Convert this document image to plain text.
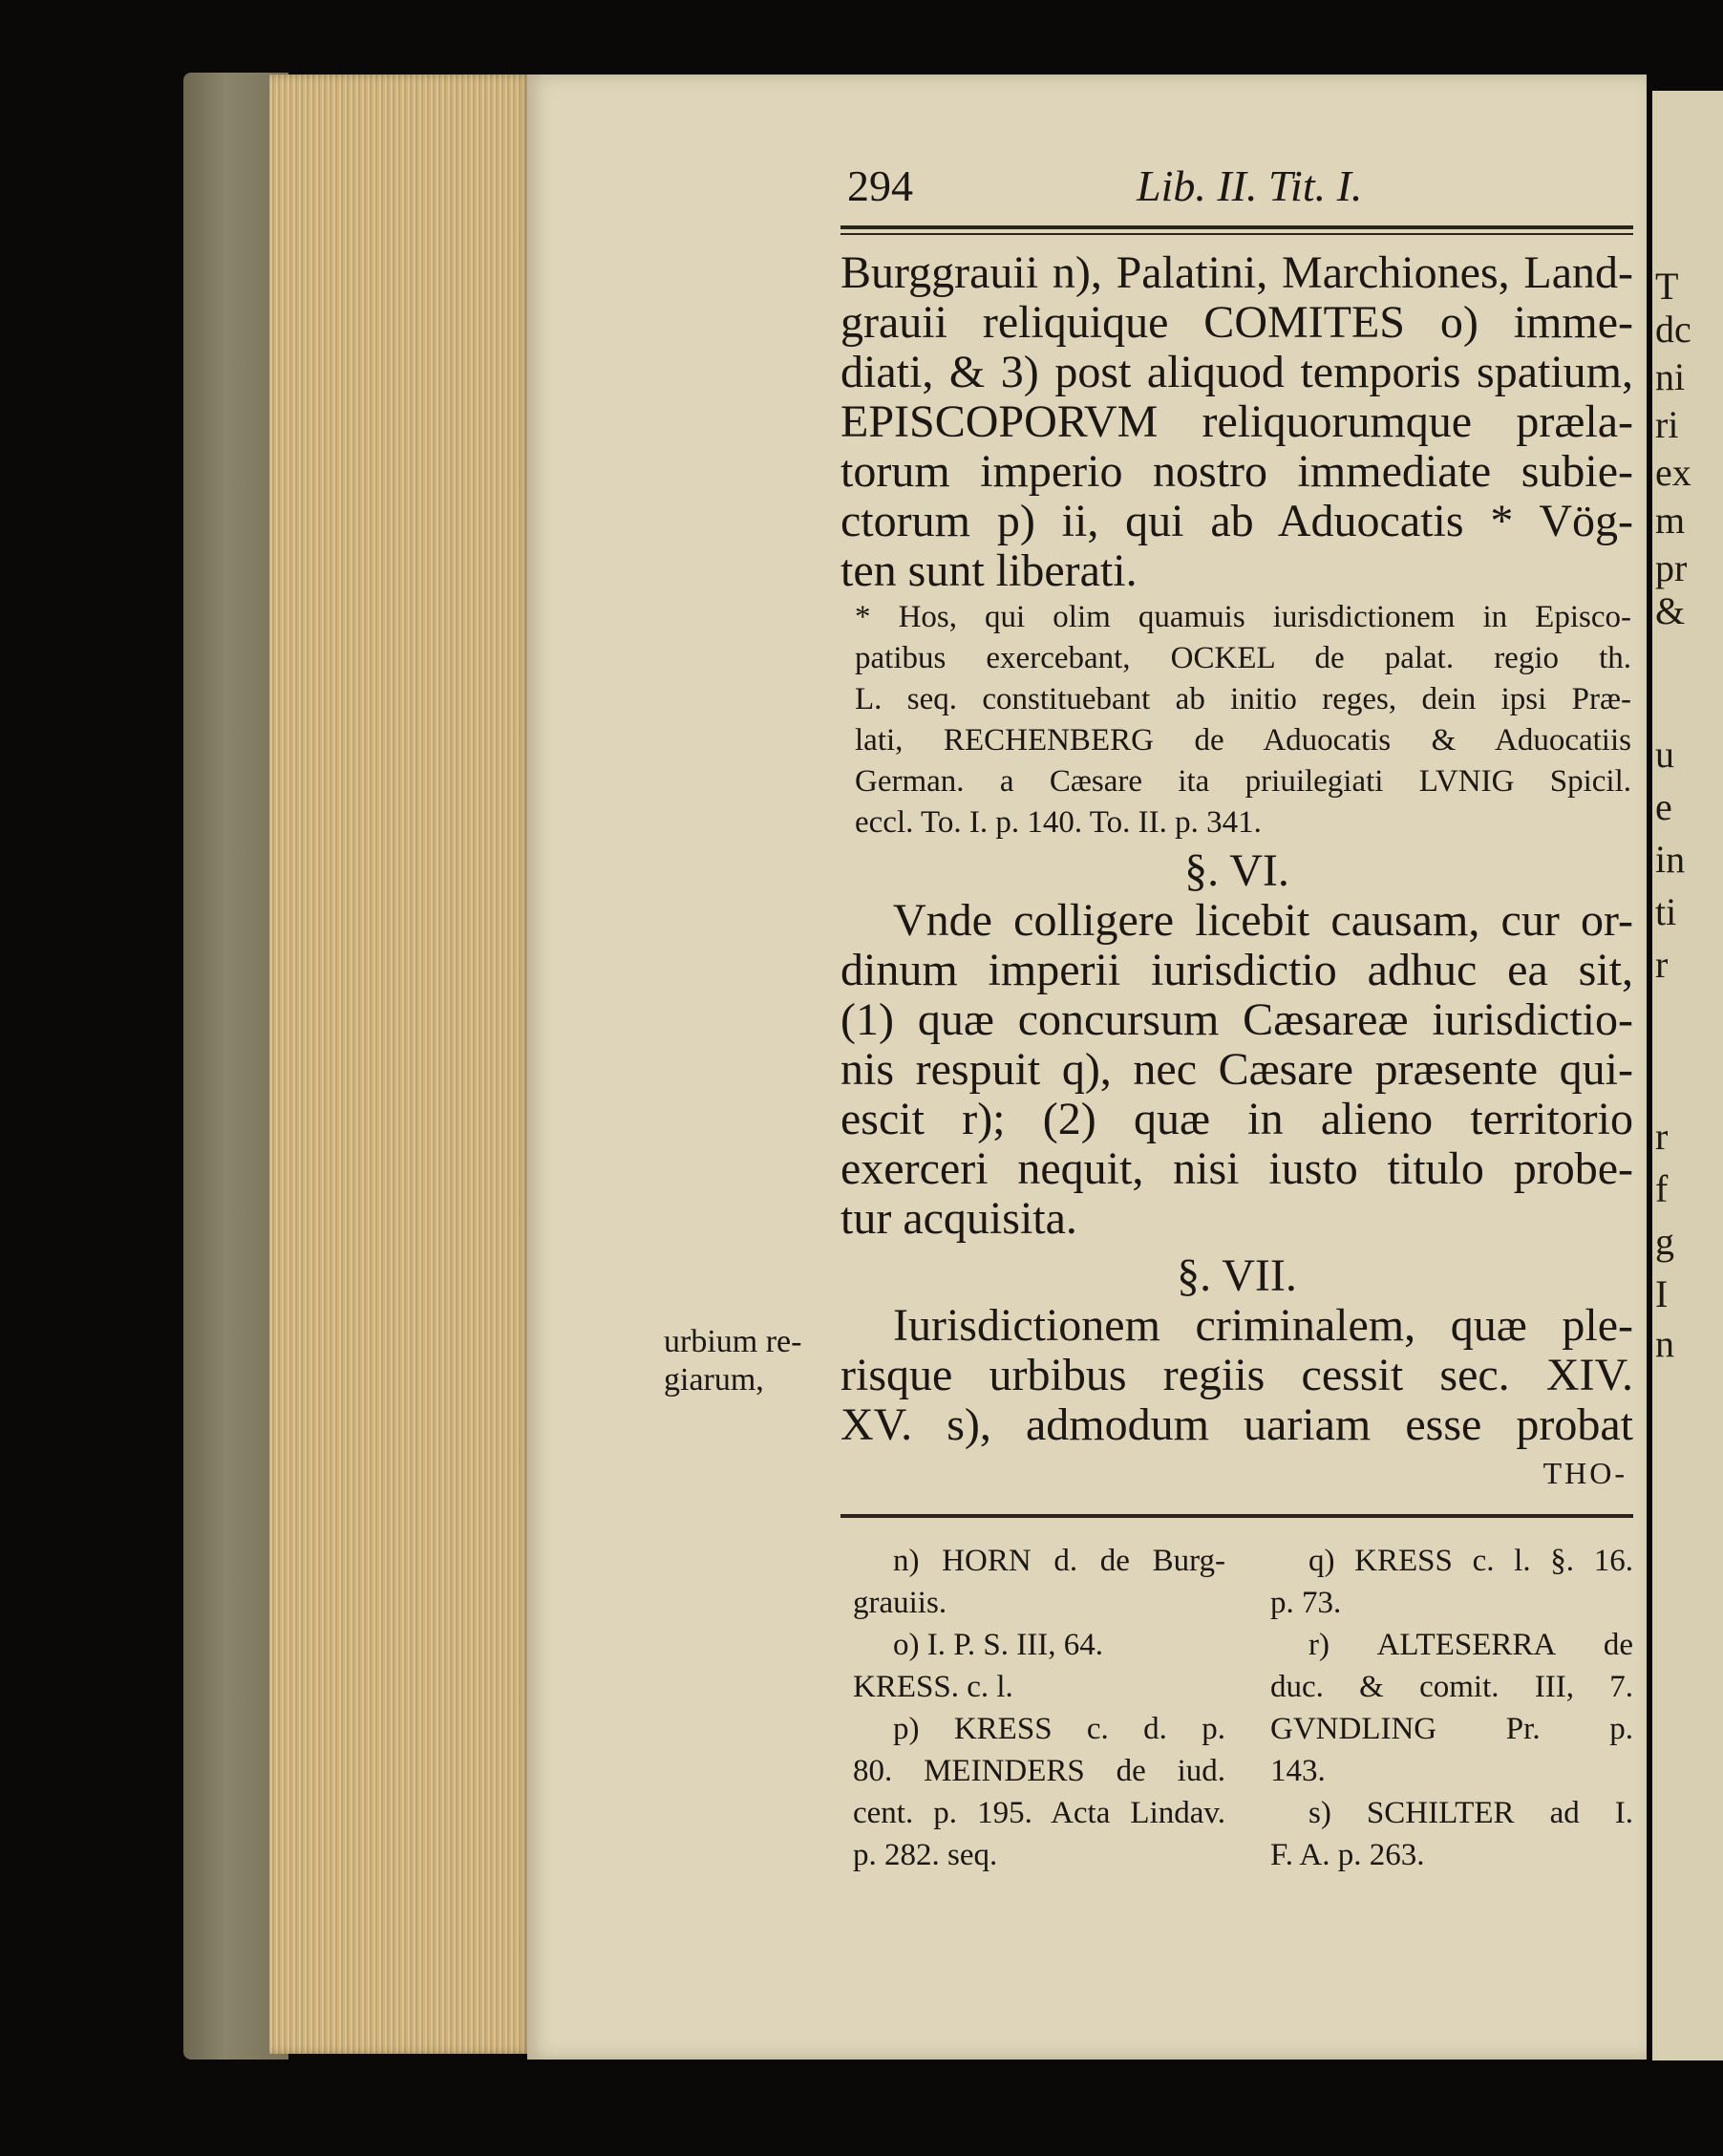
T
dc
ni
ri
ex
m
pr
&
u
e
in
ti
r
r
f
g
I
n
294	Lib. II. Tit. I.
Burggrauii n), Palatini, Marchiones, Land-
grauii reliquique COMITES o) imme-
diati, & 3) post aliquod temporis spatium,
EPISCOPORVM reliquorumque præla-
torum imperio nostro immediate subie-
ctorum p) ii, qui ab Aduocatis * Vög-
ten sunt liberati.
* Hos, qui olim quamuis iurisdictionem in Episco-
patibus exercebant, OCKEL de palat. regio th.
L. seq. constituebant ab initio reges, dein ipsi Præ-
lati, RECHENBERG de Aduocatis & Aduocatiis
German. a Cæsare ita priuilegiati LVNIG Spicil.
eccl. To. I. p. 140. To. II. p. 341.
§. VI.
Vnde colligere licebit causam, cur or-
dinum imperii iurisdictio adhuc ea sit,
(1) quæ concursum Cæsareæ iurisdictio-
nis respuit q), nec Cæsare præsente qui-
escit r); (2) quæ in alieno territorio
exerceri nequit, nisi iusto titulo probe-
tur acquisita.
§. VII.
Iurisdictionem criminalem, quæ ple-
risque urbibus regiis cessit sec. XIV.
XV. s), admodum uariam esse probat
THO-
urbium re-
giarum,
n) HORN d. de Burg-
grauiis.
o) I. P. S. III, 64.
KRESS. c. l.
p) KRESS c. d. p.
80. MEINDERS de iud.
cent. p. 195. Acta Lindav.
p. 282. seq.
q) KRESS c. l. §. 16.
p. 73.
r) ALTESERRA de
duc. & comit. III, 7.
GVNDLING Pr. p.
143.
s) SCHILTER ad I.
F. A. p. 263.
